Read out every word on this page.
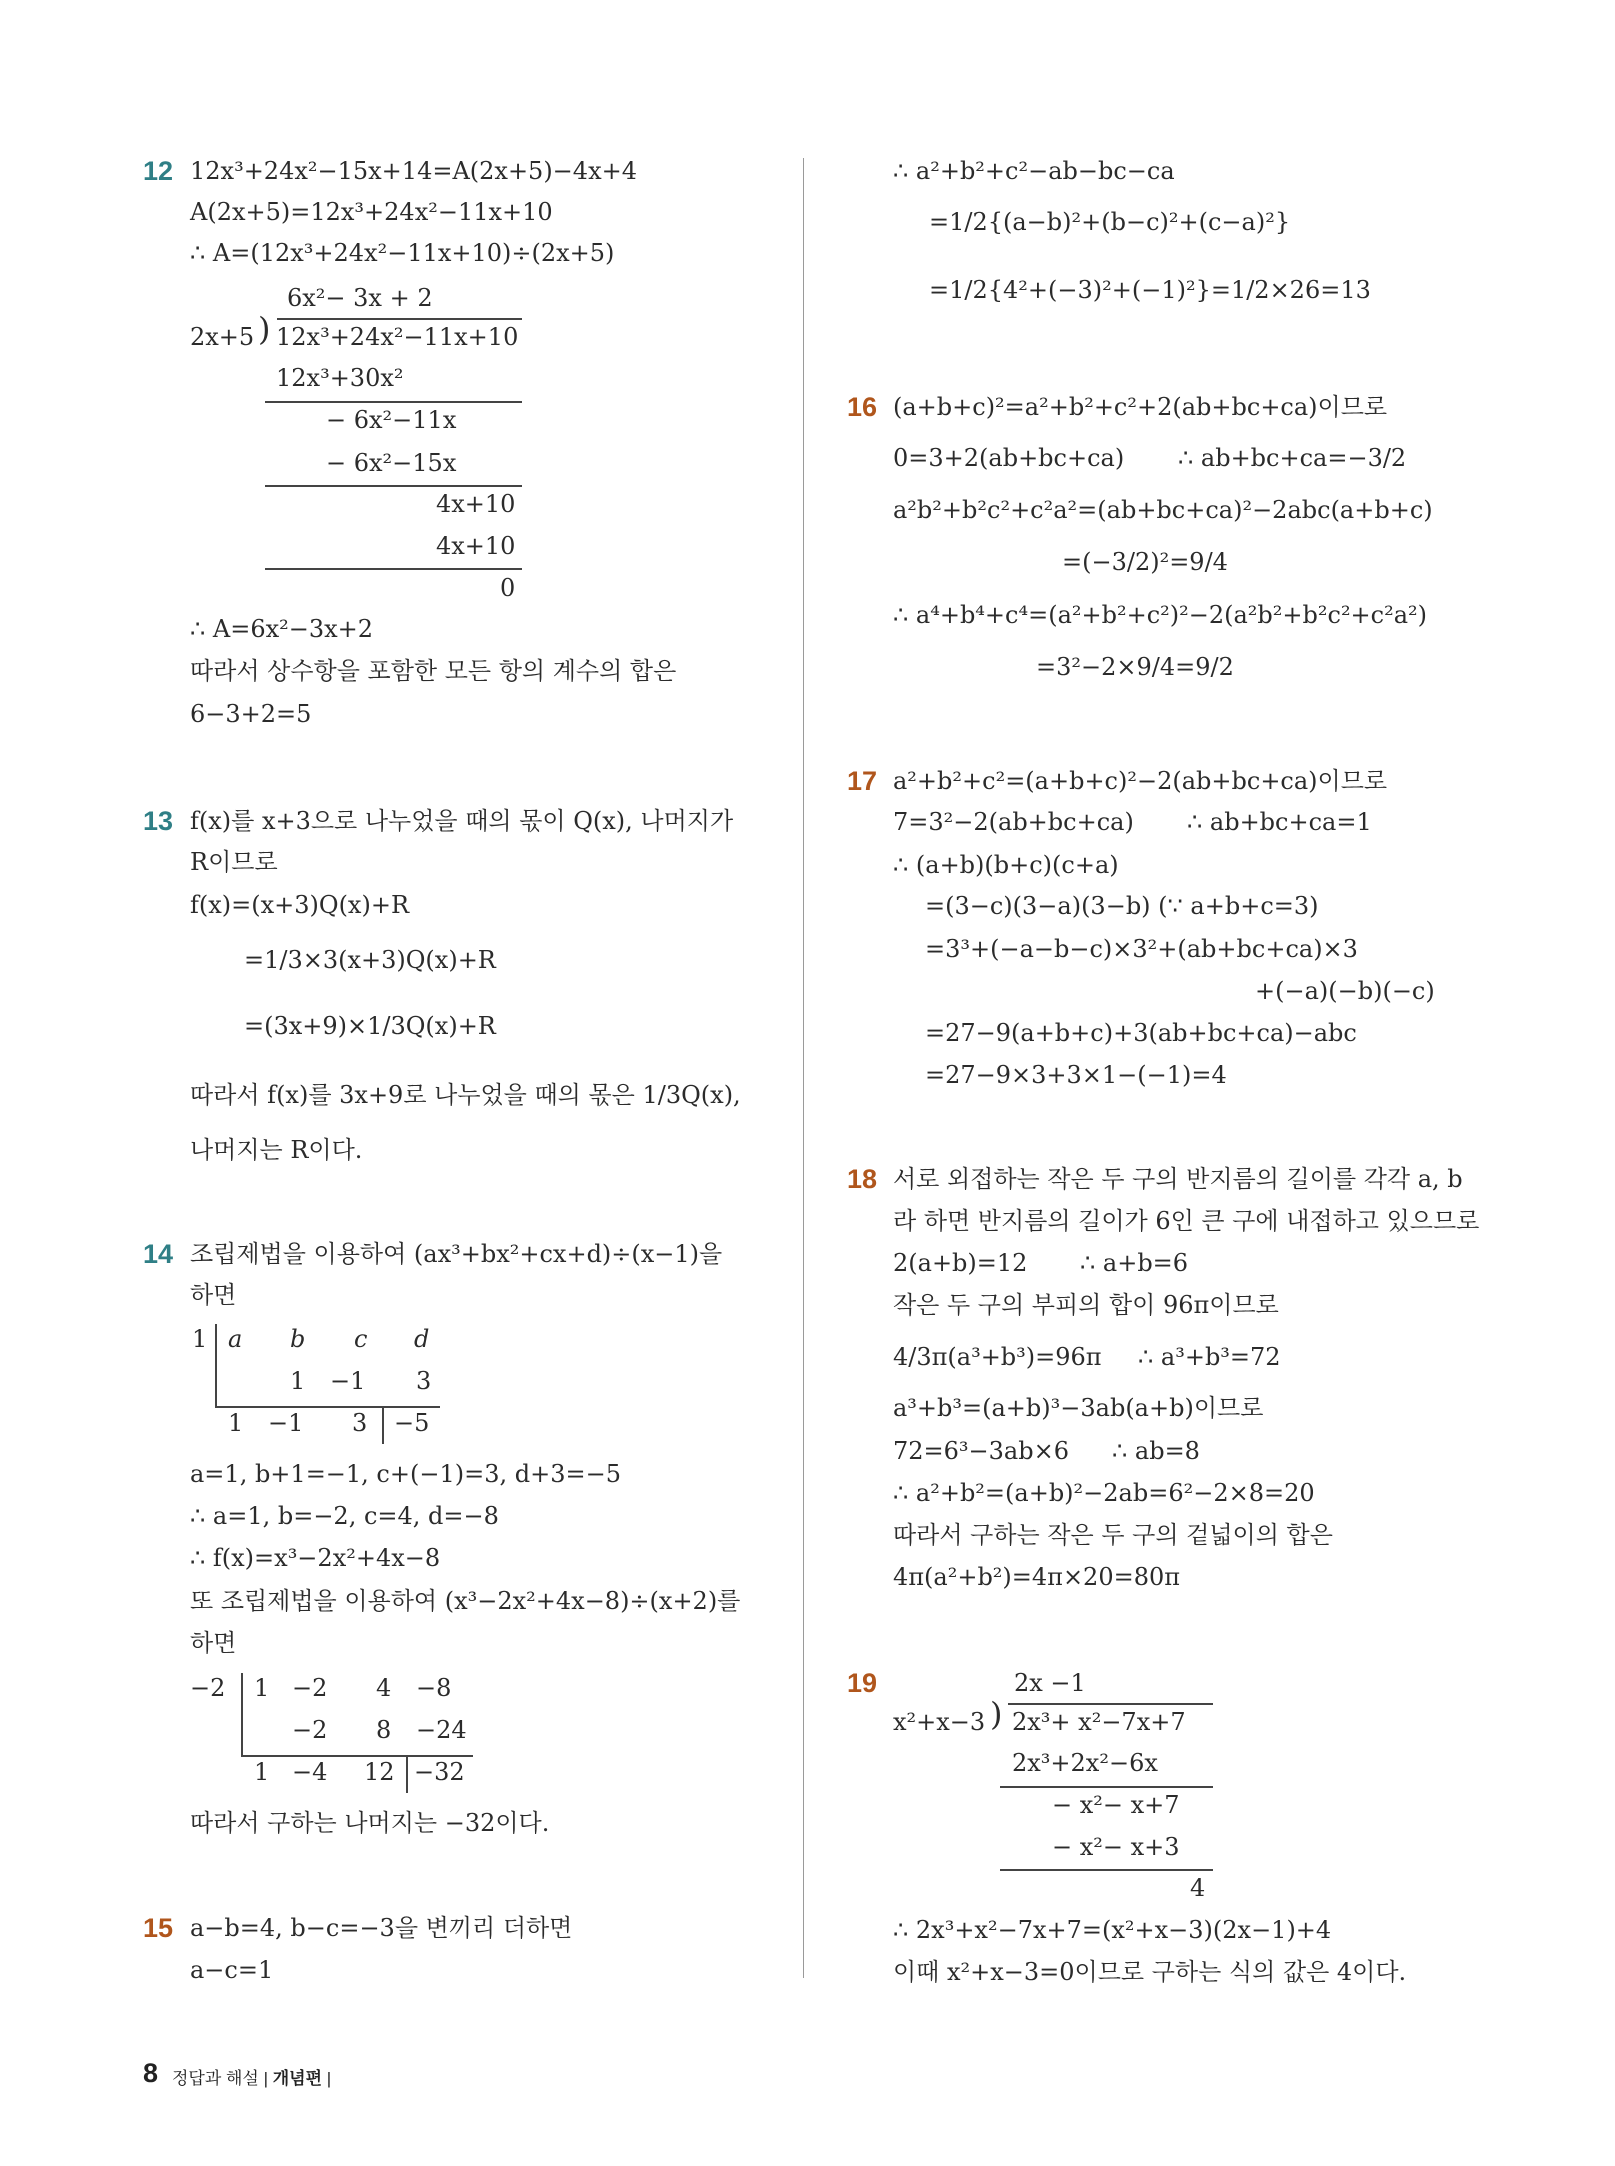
12 12x³+24x²−15x+14=A(2x+5)−4x+4
A(2x+5)=12x³+24x²−11x+10
∴ A=(12x³+24x²−11x+10)÷(2x+5)
6x²− 3x + 2
2x+5 ) 12x³+24x²−11x+10
12x³+30x²
− 6x²−11x
− 6x²−15x
4x+10
4x+10
0
∴ A=6x²−3x+2
따라서 상수항을 포함한 모든 항의 계수의 합은
6−3+2=5
13 f(x)를 x+3으로 나누었을 때의 몫이 Q(x), 나머지가
R이므로
f(x)=(x+3)Q(x)+R
=1/3×3(x+3)Q(x)+R
=(3x+9)×1/3Q(x)+R
따라서 f(x)를 3x+9로 나누었을 때의 몫은 1/3Q(x),
나머지는 R이다.
14 조립제법을 이용하여 (ax³+bx²+cx+d)÷(x−1)을
하면
1 a b c d
1 −1 3
1 −1 3 −5
a=1, b+1=−1, c+(−1)=3, d+3=−5
∴ a=1, b=−2, c=4, d=−8
∴ f(x)=x³−2x²+4x−8
또 조립제법을 이용하여 (x³−2x²+4x−8)÷(x+2)를
하면
−2 1 −2 4 −8
−2 8 −24
1 −4 12 −32
따라서 구하는 나머지는 −32이다.
15 a−b=4, b−c=−3을 변끼리 더하면
a−c=1
∴ a²+b²+c²−ab−bc−ca
=1/2{(a−b)²+(b−c)²+(c−a)²}
=1/2{4²+(−3)²+(−1)²}=1/2×26=13
16 (a+b+c)²=a²+b²+c²+2(ab+bc+ca)이므로
0=3+2(ab+bc+ca) ∴ ab+bc+ca=−3/2
a²b²+b²c²+c²a²=(ab+bc+ca)²−2abc(a+b+c)
=(−3/2)²=9/4
∴ a⁴+b⁴+c⁴=(a²+b²+c²)²−2(a²b²+b²c²+c²a²)
=3²−2×9/4=9/2
17 a²+b²+c²=(a+b+c)²−2(ab+bc+ca)이므로
7=3²−2(ab+bc+ca) ∴ ab+bc+ca=1
∴ (a+b)(b+c)(c+a)
=(3−c)(3−a)(3−b) (∵ a+b+c=3)
=3³+(−a−b−c)×3²+(ab+bc+ca)×3
+(−a)(−b)(−c)
=27−9(a+b+c)+3(ab+bc+ca)−abc
=27−9×3+3×1−(−1)=4
18 서로 외접하는 작은 두 구의 반지름의 길이를 각각 a, b
라 하면 반지름의 길이가 6인 큰 구에 내접하고 있으므로
2(a+b)=12 ∴ a+b=6
작은 두 구의 부피의 합이 96π이므로
4/3π(a³+b³)=96π ∴ a³+b³=72
a³+b³=(a+b)³−3ab(a+b)이므로
72=6³−3ab×6 ∴ ab=8
∴ a²+b²=(a+b)²−2ab=6²−2×8=20
따라서 구하는 작은 두 구의 겉넓이의 합은
4π(a²+b²)=4π×20=80π
19	2x −1
x²+x−3 ) 2x³+ x²−7x+7
2x³+2x²−6x
− x²− x+7
− x²− x+3
4
∴ 2x³+x²−7x+7=(x²+x−3)(2x−1)+4
이때 x²+x−3=0이므로 구하는 식의 값은 4이다.
8 정답과 해설 | 개념편 |
